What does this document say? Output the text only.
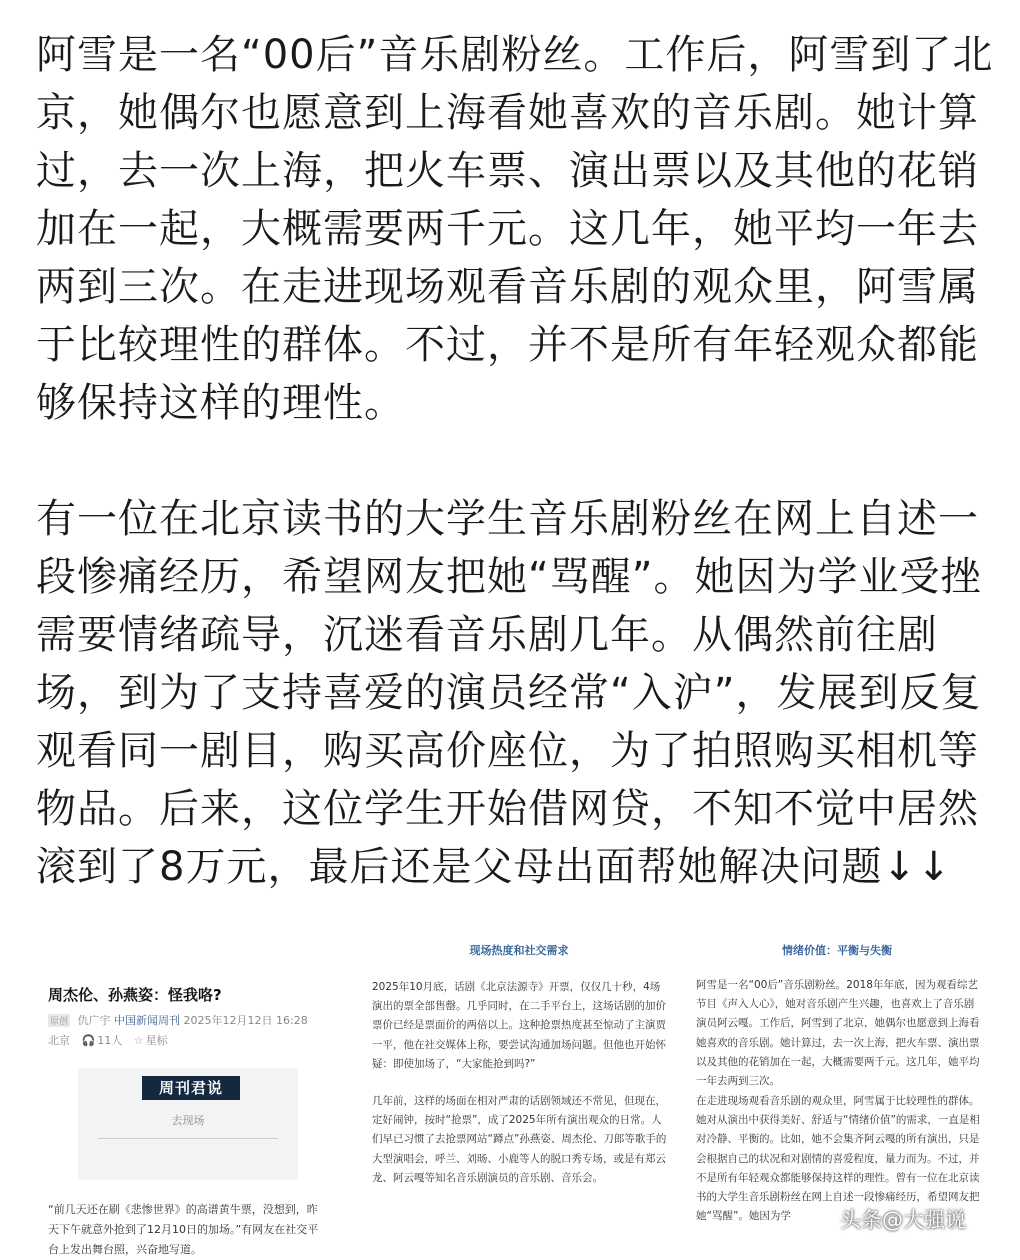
阿雪是一名“00后”音乐剧粉丝。工作后，阿雪到了北京，她偶尔也愿意到上海看她喜欢的音乐剧。她计算过，去一次上海，把火车票、演出票以及其他的花销加在一起，大概需要两千元。这几年，她平均一年去两到三次。在走进现场观看音乐剧的观众里，阿雪属于比较理性的群体。不过，并不是所有年轻观众都能够保持这样的理性。

有一位在北京读书的大学生音乐剧粉丝在网上自述一段惨痛经历，希望网友把她“骂醒”。她因为学业受挫需要情绪疏导，沉迷看音乐剧几年。从偶然前往剧场，到为了支持喜爱的演员经常“入沪”，发展到反复观看同一剧目，购买高价座位，为了拍照购买相机等物品。后来，这位学生开始借网贷，不知不觉中居然滚到了8万元，最后还是父母出面帮她解决问题↓↓

周杰伦、孙燕姿：怪我咯?
原创 仇广宇 中国新闻周刊 2025年12月12日 16:28
北京 🎧 11人 ☆ 星标
周刊君说
去现场
“前几天还在刷《悲惨世界》的高谱黄牛票，没想到，昨天下午就意外抢到了12月10日的加场。”有网友在社交平台上发出舞台照，兴奋地写道。
现场热度和社交需求
2025年10月底，话剧《北京法源寺》开票，仅仅几十秒，4场演出的票全部售罄。几乎同时，在二手平台上，这场话剧的加价票价已经是票面价的两倍以上。这种抢票热度甚至惊动了主演贾一平，他在社交媒体上称，要尝试沟通加场问题。但他也开始怀疑：即使加场了，“大家能抢到吗?”
几年前，这样的场面在相对严肃的话剧领域还不常见，但现在，定好闹钟，按时“抢票”，成了2025年所有演出观众的日常。人们早已习惯了去抢票网站“蹲点”孙燕姿、周杰伦、刀郎等歌手的大型演唱会，呼兰、刘旸、小鹿等人的脱口秀专场，或是有郑云龙、阿云嘎等知名音乐剧演员的音乐剧、音乐会。
情绪价值：平衡与失衡
阿雪是一名“00后”音乐剧粉丝。2018年年底，因为观看综艺节目《声入人心》，她对音乐剧产生兴趣，也喜欢上了音乐剧演员阿云嘎。工作后，阿雪到了北京，她偶尔也愿意到上海看她喜欢的音乐剧。她计算过，去一次上海，把火车票、演出票以及其他的花销加在一起，大概需要两千元。这几年，她平均一年去两到三次。
在走进现场观看音乐剧的观众里，阿雪属于比较理性的群体。她对从演出中获得美好、舒适与“情绪价值”的需求，一直是相对冷静、平衡的。比如，她不会集齐阿云嘎的所有演出，只是会根据自己的状况和对剧情的喜爱程度，量力而为。不过，并不是所有年轻观众都能够保持这样的理性。曾有一位在北京读书的大学生音乐剧粉丝在网上自述一段惨痛经历，希望网友把她“骂醒”。她因为学	头条@大强说
